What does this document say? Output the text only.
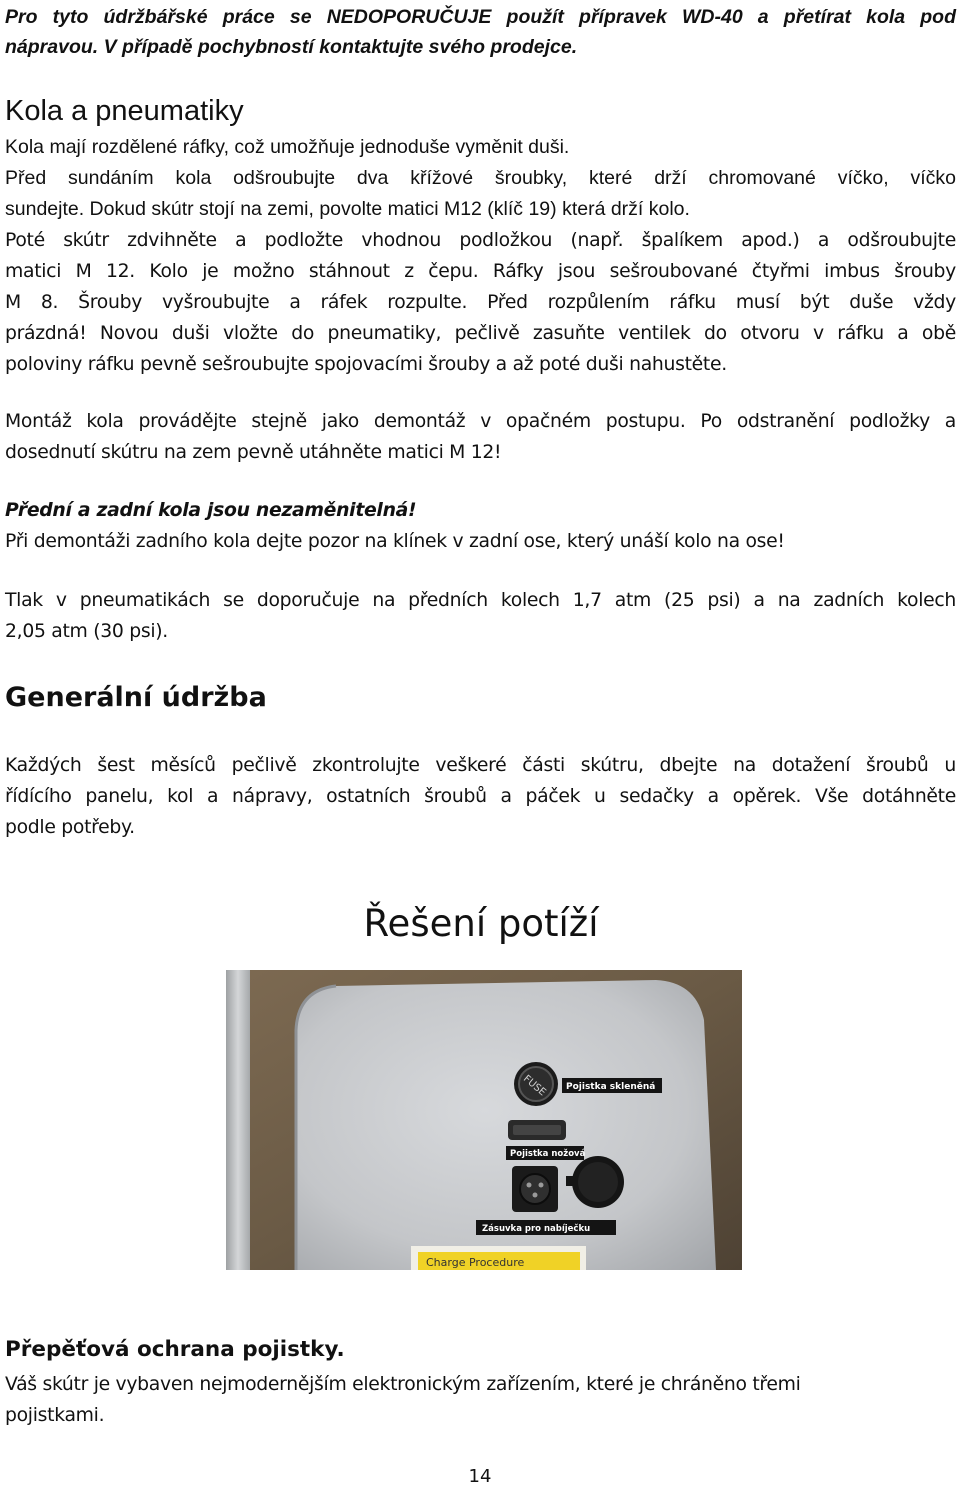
Pro tyto údržbářské práce se NEDOPORUČUJE použít přípravek WD-40 a přetírat kola pod

nápravou. V případě pochybností kontaktujte svého prodejce.

Kola a pneumatiky

Kola mají rozdělené ráfky, což umožňuje jednoduše vyměnit duši.

Před sundáním kola odšroubujte dva křížové šroubky, které drží chromované víčko, víčko

sundejte. Dokud skútr stojí na zemi, povolte matici M12 (klíč 19) která drží kolo.

Poté skútr zdvihněte a podložte vhodnou podložkou (např. špalíkem apod.) a odšroubujte

matici M 12. Kolo je možno stáhnout z čepu. Ráfky jsou sešroubované čtyřmi imbus šrouby

M 8. Šrouby vyšroubujte a ráfek rozpulte. Před rozpůlením ráfku musí být duše vždy

prázdná! Novou duši vložte do pneumatiky, pečlivě zasuňte ventilek do otvoru v ráfku a obě

poloviny ráfku pevně sešroubujte spojovacími šrouby a až poté duši nahustěte.

Montáž kola provádějte stejně jako demontáž v opačném postupu. Po odstranění podložky a

dosednutí skútru na zem pevně utáhněte matici M 12!

Přední a zadní kola jsou nezaměnitelná!

Při demontáži zadního kola dejte pozor na klínek v zadní ose, který unáší kolo na ose!

Tlak v pneumatikách se doporučuje na předních kolech 1,7 atm (25 psi) a na zadních kolech

2,05 atm (30 psi).

Generální údržba

Každých šest měsíců pečlivě zkontrolujte veškeré části skútru, dbejte na dotažení šroubů u

řídícího panelu, kol a nápravy, ostatních šroubů a páček u sedačky a opěrek. Vše dotáhněte

podle potřeby.

Řešení potíží
FUSE Pojistka skleněná
Pojistka nožová
Zásuvka pro nabíječku
Charge Procedure
Přepěťová ochrana pojistky.

Váš skútr je vybaven nejmodernějším elektronickým zařízením, které je chráněno třemi

pojistkami.

14
